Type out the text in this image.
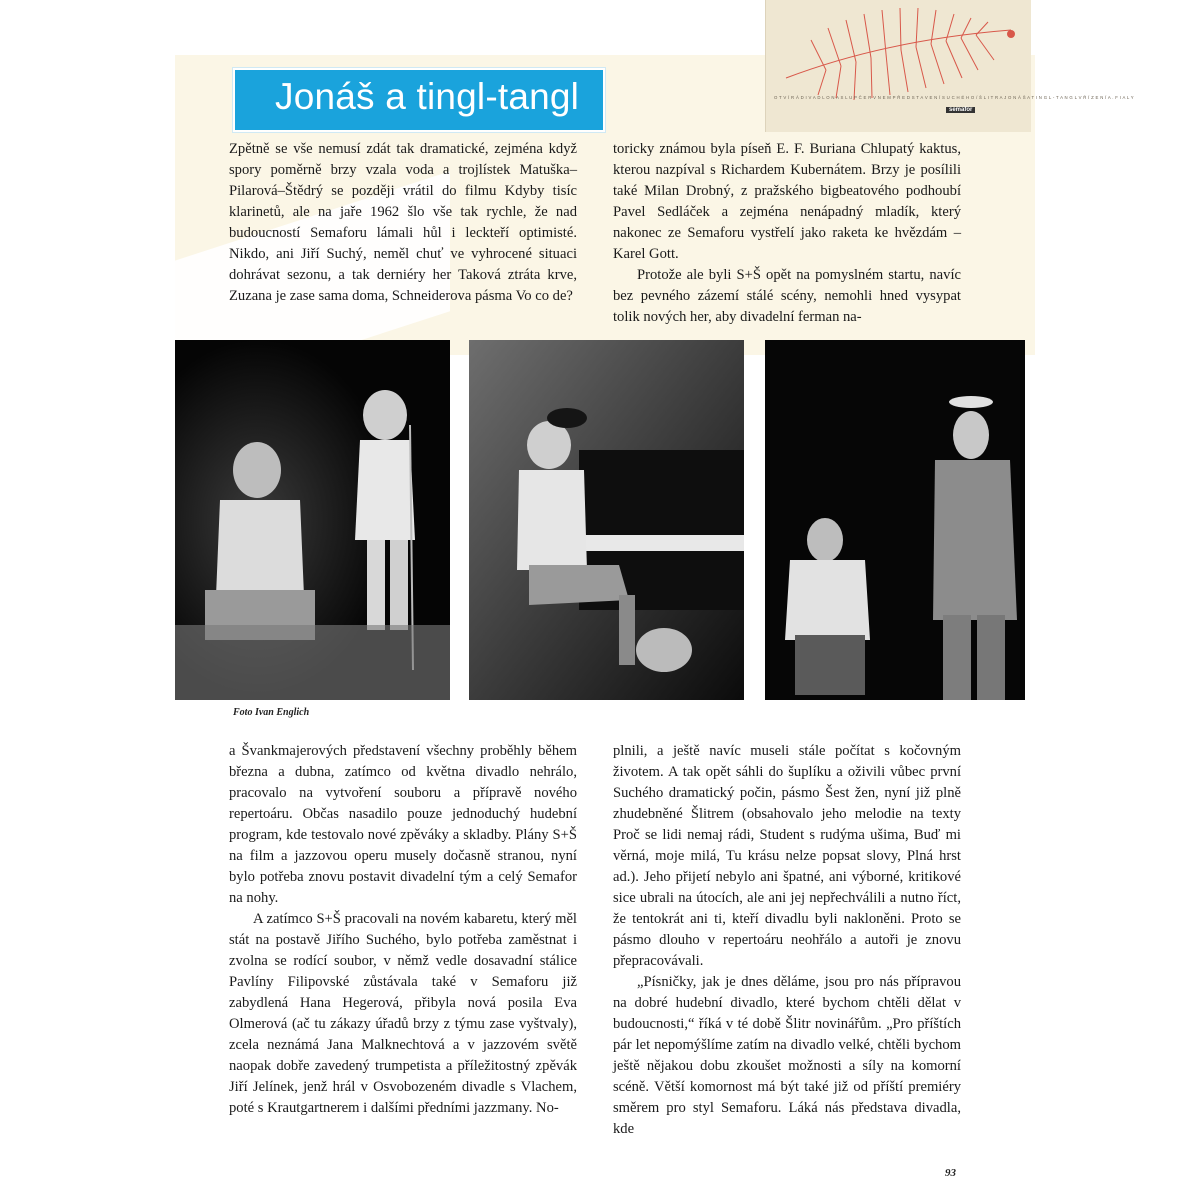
O T V Í R Á D I V A D L O N A S L U P Č E R V N E M P Ř E D S T A V E N Í S U C H É H O / Š L I T R A J O N Á Š A T I N G L - T A N G L V Ř Í Z E N Í A . F I A L Y
semafor
Jonáš a tingl-tangl

Zpětně se vše nemusí zdát tak dramatické, zejména když spory poměrně brzy vzala voda a trojlístek Matuška–Pilarová–Štědrý se později vrátil do filmu Kdyby tisíc klarinetů, ale na jaře 1962 šlo vše tak rychle, že nad budoucností Semaforu lámali hůl i leckteří optimisté. Nikdo, ani Jiří Suchý, neměl chuť ve vyhrocené situaci dohrávat sezonu, a tak derniéry her Taková ztráta krve, Zuzana je zase sama doma, Schneiderova pásma Vo co de?

toricky známou byla píseň E. F. Buriana Chlupatý kaktus, kterou nazpíval s Richardem Kubernátem. Brzy je posílili také Milan Drobný, z pražského bigbeatového podhoubí Pavel Sedláček a zejména nenápadný mladík, který nakonec ze Semaforu vystřelí jako raketa ke hvězdám – Karel Gott.

Protože ale byli S+Š opět na pomyslném startu, navíc bez pevného zázemí stálé scény, nemohli hned vysypat tolik nových her, aby divadelní ferman na-

Foto Ivan Englich

a Švankmajerových představení všechny proběhly během března a dubna, zatímco od května divadlo nehrálo, pracovalo na vytvoření souboru a přípravě nového repertoáru. Občas nasadilo pouze jednoduchý hudební program, kde testovalo nové zpěváky a skladby. Plány S+Š na film a jazzovou operu musely dočasně stranou, nyní bylo potřeba znovu postavit divadelní tým a celý Semafor na nohy.

A zatímco S+Š pracovali na novém kabaretu, který měl stát na postavě Jiřího Suchého, bylo potřeba zaměstnat i zvolna se rodící soubor, v němž vedle dosavadní stálice Pavlíny Filipovské zůstávala také v Semaforu již zabydlená Hana Hegerová, přibyla nová posila Eva Olmerová (ač tu zákazy úřadů brzy z týmu zase vyštvaly), zcela neznámá Jana Malknechtová a v jazzovém světě naopak dobře zavedený trumpetista a příležitostný zpěvák Jiří Jelínek, jenž hrál v Osvobozeném divadle s Vlachem, poté s Krautgartnerem i dalšími předními jazzmany. No-

plnili, a ještě navíc museli stále počítat s kočovným životem. A tak opět sáhli do šuplíku a oživili vůbec první Suchého dramatický počin, pásmo Šest žen, nyní již plně zhudebněné Šlitrem (obsahovalo jeho melodie na texty Proč se lidi nemaj rádi, Student s rudýma ušima, Buď mi věrná, moje milá, Tu krásu nelze popsat slovy, Plná hrst ad.). Jeho přijetí nebylo ani špatné, ani výborné, kritikové sice ubrali na útocích, ale ani jej nepřechválili a nutno říct, že tentokrát ani ti, kteří divadlu byli nakloněni. Proto se pásmo dlouho v repertoáru neohřálo a autoři je znovu přepracovávali.

„Písničky, jak je dnes děláme, jsou pro nás přípravou na dobré hudební divadlo, které bychom chtěli dělat v budoucnosti,“ říká v té době Šlitr novinářům. „Pro příštích pár let nepomýšlíme zatím na divadlo velké, chtěli bychom ještě nějakou dobu zkoušet možnosti a síly na komorní scéně. Větší komornost má být také již od příští premiéry směrem pro styl Semaforu. Láká nás představa divadla, kde

93
